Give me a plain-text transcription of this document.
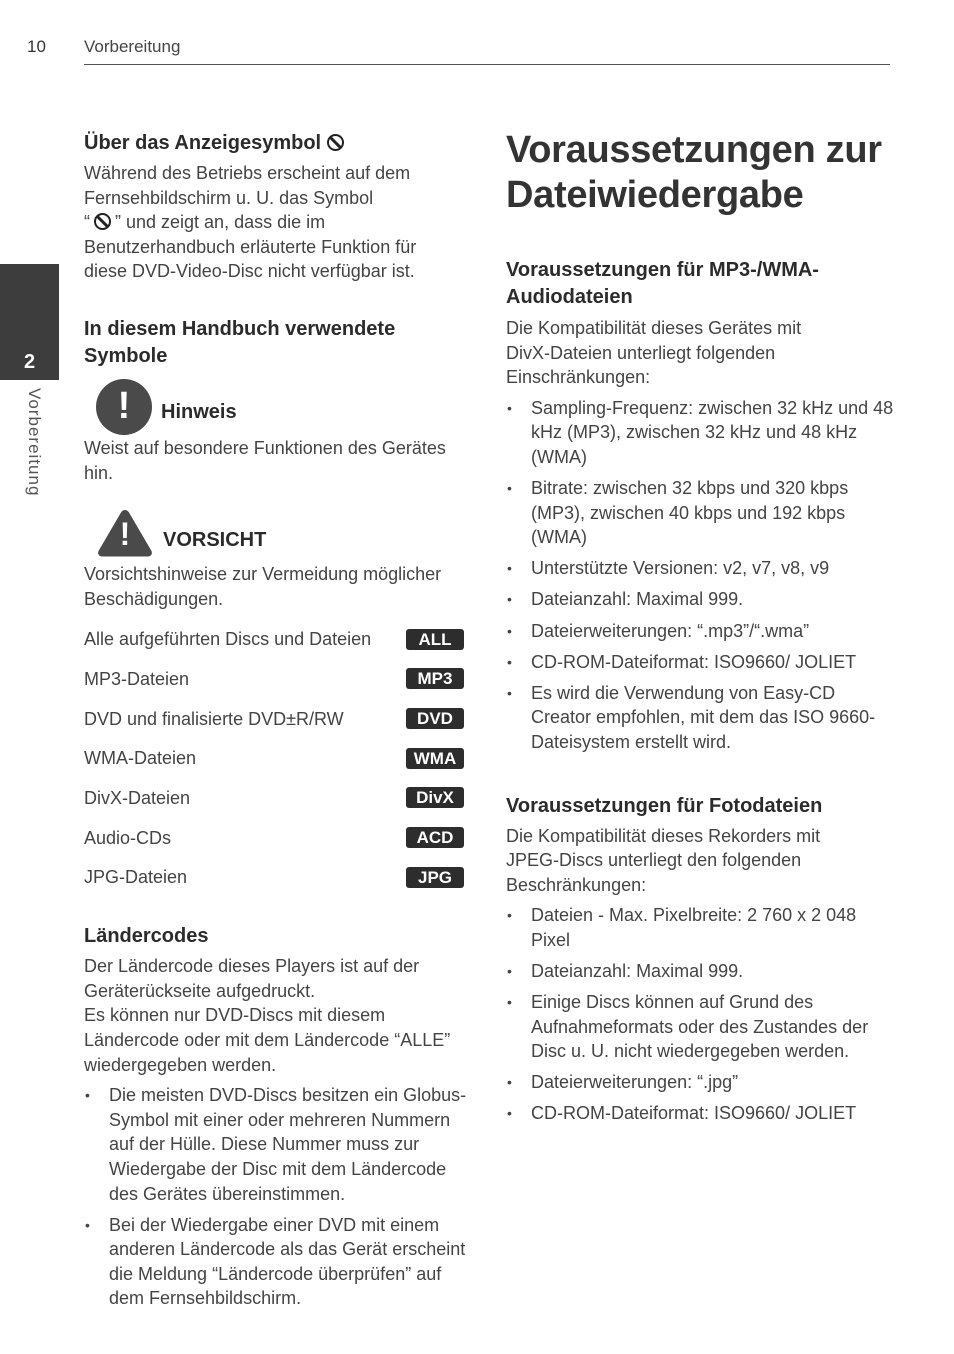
10 Vorbereitung
2
Vorbereitung
Über das Anzeigesymbol

Während des Betriebs erscheint auf dem
Fernsehbildschirm u. U. das Symbol
“ ” und zeigt an, dass die im
Benutzerhandbuch erläuterte Funktion für
diese DVD-Video-Disc nicht verfügbar ist.

In diesem Handbuch verwendete
Symbole
!	Hinweis

Weist auf besondere Funktionen des Gerätes hin.

!	VORSICHT

Vorsichtshinweise zur Vermeidung möglicher
Beschädigungen.

Alle aufgeführten Discs und Dateien	ALL
MP3-Dateien	MP3
DVD und finalisierte DVD±R/RW	DVD
WMA-Dateien	WMA
DivX-Dateien	DivX
Audio-CDs	ACD
JPG-Dateien	JPG
Ländercodes

Der Ländercode dieses Players ist auf der
Geräterückseite aufgedruckt.
Es können nur DVD-Discs mit diesem
Ländercode oder mit dem Ländercode “ALLE”
wiedergegeben werden.

• Die meisten DVD-Discs besitzen ein Globus-Symbol mit einer oder mehreren Nummern auf der Hülle. Diese Nummer muss zur Wiedergabe der Disc mit dem Ländercode des Gerätes übereinstimmen.
• Bei der Wiedergabe einer DVD mit einem anderen Ländercode als das Gerät erscheint die Meldung “Ländercode überprüfen” auf dem Fernsehbildschirm.
Voraussetzungen zur
Dateiwiedergabe
Voraussetzungen für MP3-/WMA-
Audiodateien

Die Kompatibilität dieses Gerätes mit
DivX-Dateien unterliegt folgenden
Einschränkungen:

• Sampling-Frequenz: zwischen 32 kHz und 48 kHz (MP3), zwischen 32 kHz und 48 kHz (WMA)
• Bitrate: zwischen 32 kbps und 320 kbps (MP3), zwischen 40 kbps und 192 kbps (WMA)
• Unterstützte Versionen: v2, v7, v8, v9
• Dateianzahl: Maximal 999.
• Dateierweiterungen: “.mp3”/“.wma”
• CD-ROM-Dateiformat: ISO9660/ JOLIET
• Es wird die Verwendung von Easy-CD Creator empfohlen, mit dem das ISO 9660-Dateisystem erstellt wird.
Voraussetzungen für Fotodateien

Die Kompatibilität dieses Rekorders mit
JPEG-Discs unterliegt den folgenden
Beschränkungen:

• Dateien - Max. Pixelbreite: 2 760 x 2 048 Pixel
• Dateianzahl: Maximal 999.
• Einige Discs können auf Grund des Aufnahmeformats oder des Zustandes der Disc u. U. nicht wiedergegeben werden.
• Dateierweiterungen: “.jpg”
• CD-ROM-Dateiformat: ISO9660/ JOLIET
